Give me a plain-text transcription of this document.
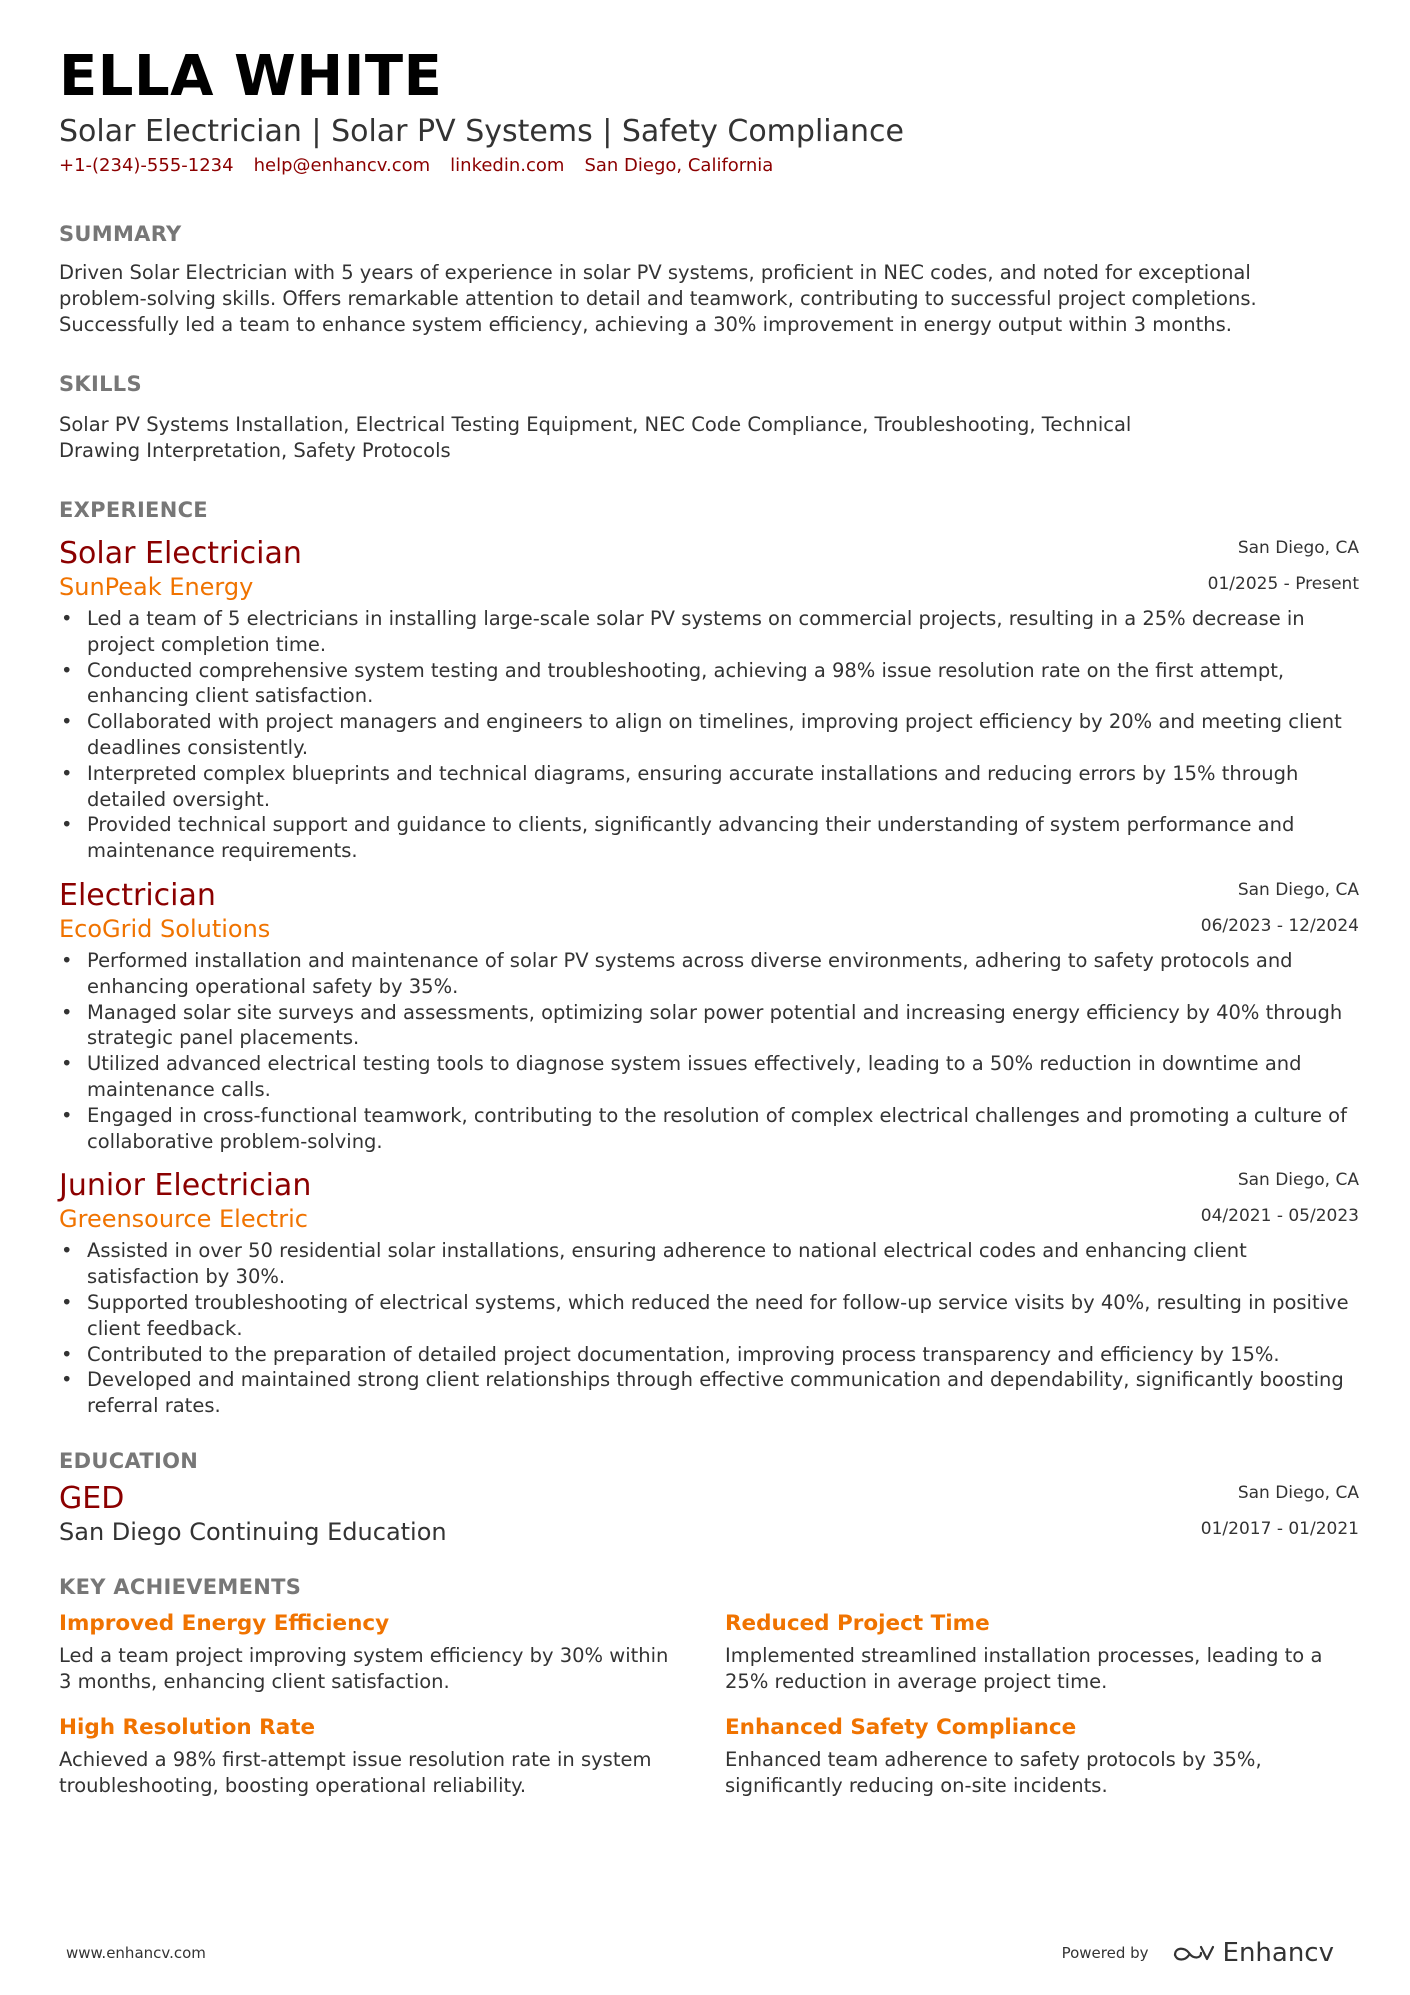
ELLA WHITE
Solar Electrician | Solar PV Systems | Safety Compliance
+1-(234)-555-1234 help@enhancv.com linkedin.com San Diego, California
SUMMARY
Driven Solar Electrician with 5 years of experience in solar PV systems, proficient in NEC codes, and noted for exceptional problem-solving skills. Offers remarkable attention to detail and teamwork, contributing to successful project completions. Successfully led a team to enhance system efficiency, achieving a 30% improvement in energy output within 3 months.
SKILLS
Solar PV Systems Installation, Electrical Testing Equipment, NEC Code Compliance, Troubleshooting, Technical Drawing Interpretation, Safety Protocols
EXPERIENCE
San Diego, CA
01/2025 - Present
Solar Electrician
SunPeak Energy
• Led a team of 5 electricians in installing large-scale solar PV systems on commercial projects, resulting in a 25% decrease in project completion time.
• Conducted comprehensive system testing and troubleshooting, achieving a 98% issue resolution rate on the first attempt, enhancing client satisfaction.
• Collaborated with project managers and engineers to align on timelines, improving project efficiency by 20% and meeting client deadlines consistently.
• Interpreted complex blueprints and technical diagrams, ensuring accurate installations and reducing errors by 15% through detailed oversight.
• Provided technical support and guidance to clients, significantly advancing their understanding of system performance and maintenance requirements.
San Diego, CA
06/2023 - 12/2024
Electrician
EcoGrid Solutions
• Performed installation and maintenance of solar PV systems across diverse environments, adhering to safety protocols and enhancing operational safety by 35%.
• Managed solar site surveys and assessments, optimizing solar power potential and increasing energy efficiency by 40% through strategic panel placements.
• Utilized advanced electrical testing tools to diagnose system issues effectively, leading to a 50% reduction in downtime and maintenance calls.
• Engaged in cross-functional teamwork, contributing to the resolution of complex electrical challenges and promoting a culture of collaborative problem-solving.
San Diego, CA
04/2021 - 05/2023
Junior Electrician
Greensource Electric
• Assisted in over 50 residential solar installations, ensuring adherence to national electrical codes and enhancing client satisfaction by 30%.
• Supported troubleshooting of electrical systems, which reduced the need for follow-up service visits by 40%, resulting in positive client feedback.
• Contributed to the preparation of detailed project documentation, improving process transparency and efficiency by 15%.
• Developed and maintained strong client relationships through effective communication and dependability, significantly boosting referral rates.
EDUCATION
San Diego, CA
01/2017 - 01/2021
GED
San Diego Continuing Education
KEY ACHIEVEMENTS
Improved Energy Efficiency
Led a team project improving system efficiency by 30% within 3 months, enhancing client satisfaction.
Reduced Project Time
Implemented streamlined installation processes, leading to a 25% reduction in average project time.
High Resolution Rate
Achieved a 98% first-attempt issue resolution rate in system troubleshooting, boosting operational reliability.
Enhanced Safety Compliance
Enhanced team adherence to safety protocols by 35%, significantly reducing on-site incidents.
www.enhancv.com	Powered by	Enhancv
